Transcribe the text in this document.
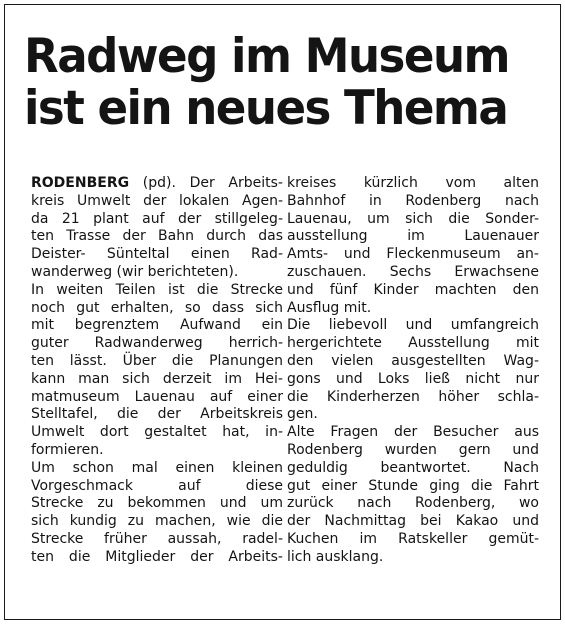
Radweg im Museum
ist ein neues Thema
RODENBERG (pd). Der Arbeits-
kreis Umwelt der lokalen Agen-
da 21 plant auf der stillgeleg-
ten Trasse der Bahn durch das
Deister- Sünteltal einen Rad-
wanderweg (wir berichteten).
In weiten Teilen ist die Strecke
noch gut erhalten, so dass sich
mit begrenztem Aufwand ein
guter Radwanderweg herrich-
ten lässt. Über die Planungen
kann man sich derzeit im Hei-
matmuseum Lauenau auf einer
Stelltafel, die der Arbeitskreis
Umwelt dort gestaltet hat, in-
formieren.
Um schon mal einen kleinen
Vorgeschmack auf diese
Strecke zu bekommen und um
sich kundig zu machen, wie die
Strecke früher aussah, radel-
ten die Mitglieder der Arbeits-
kreises kürzlich vom alten
Bahnhof in Rodenberg nach
Lauenau, um sich die Sonder-
ausstellung im Lauenauer
Amts- und Fleckenmuseum an-
zuschauen. Sechs Erwachsene
und fünf Kinder machten den
Ausflug mit.
Die liebevoll und umfangreich
hergerichtete Ausstellung mit
den vielen ausgestellten Wag-
gons und Loks ließ nicht nur
die Kinderherzen höher schla-
gen.
Alte Fragen der Besucher aus
Rodenberg wurden gern und
geduldig beantwortet. Nach
gut einer Stunde ging die Fahrt
zurück nach Rodenberg, wo
der Nachmittag bei Kakao und
Kuchen im Ratskeller gemüt-
lich ausklang.
